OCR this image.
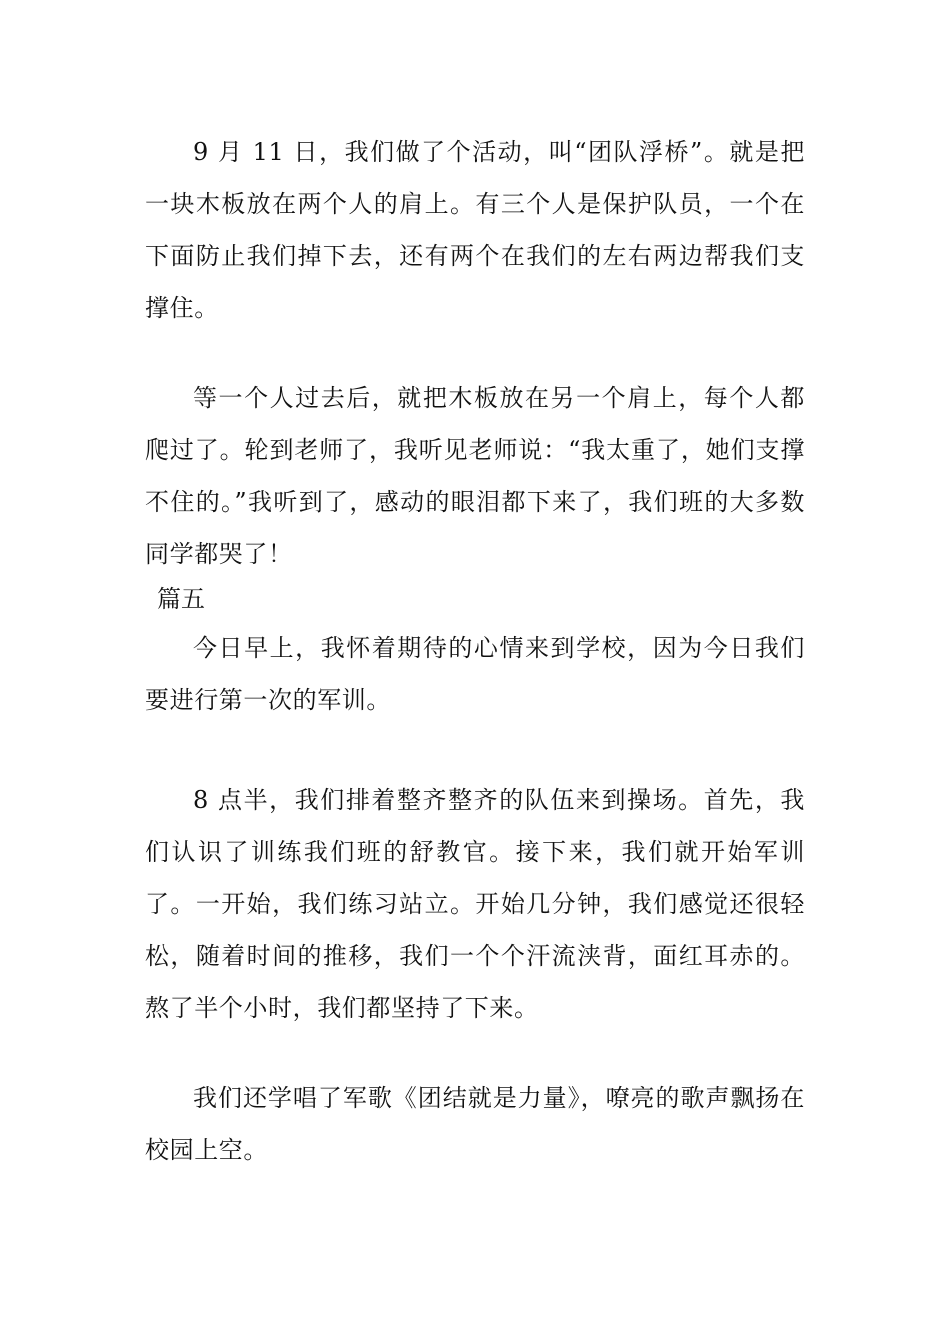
9 月 11 日，我们做了个活动，叫“团队浮桥”。就是把一块木板放在两个人的肩上。有三个人是保护队员，一个在下面防止我们掉下去，还有两个在我们的左右两边帮我们支撑住。

等一个人过去后，就把木板放在另一个肩上，每个人都爬过了。轮到老师了，我听见老师说：“我太重了，她们支撑不住的。”我听到了，感动的眼泪都下来了，我们班的大多数同学都哭了！

篇五

今日早上，我怀着期待的心情来到学校，因为今日我们要进行第一次的军训。

8 点半，我们排着整齐整齐的队伍来到操场。首先，我们认识了训练我们班的舒教官。接下来，我们就开始军训了。一开始，我们练习站立。开始几分钟，我们感觉还很轻松，随着时间的推移，我们一个个汗流浃背，面红耳赤的。熬了半个小时，我们都坚持了下来。

我们还学唱了军歌《团结就是力量》，嘹亮的歌声飘扬在校园上空。
